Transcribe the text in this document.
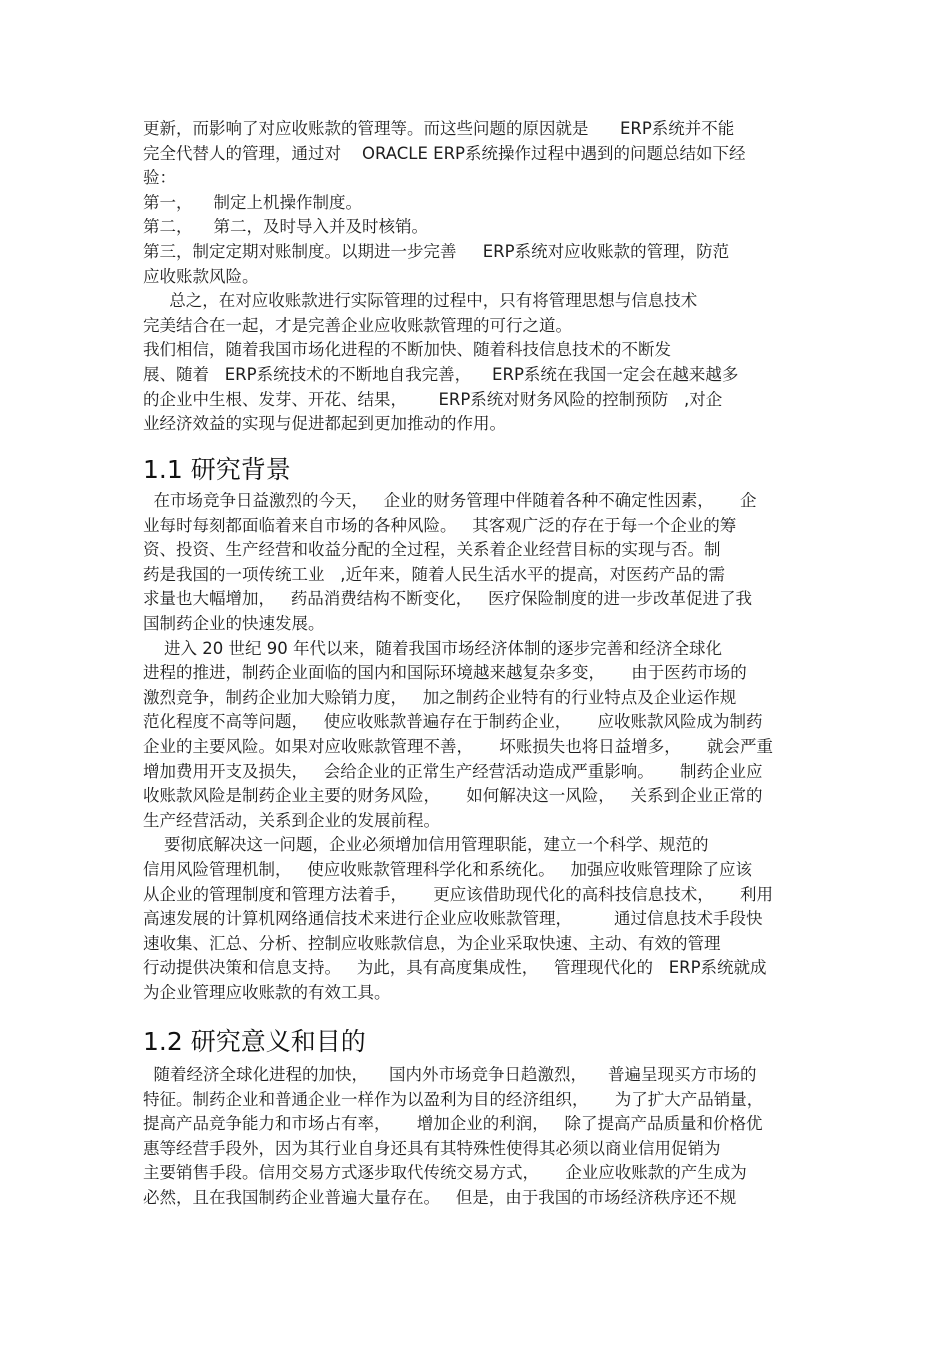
更新，而影响了对应收账款的管理等。而这些问题的原因就是      ERP系统并不能
完全代替人的管理，通过对    ORACLE ERP系统操作过程中遇到的问题总结如下经
验：
第一，    制定上机操作制度。
第二，    第二，及时导入并及时核销。
第三，制定定期对账制度。以期进一步完善     ERP系统对应收账款的管理，防范
应收账款风险。
总之，在对应收账款进行实际管理的过程中，只有将管理思想与信息技术
完美结合在一起，才是完善企业应收账款管理的可行之道。
我们相信，随着我国市场化进程的不断加快、随着科技信息技术的不断发
展、随着   ERP系统技术的不断地自我完善，    ERP系统在我国一定会在越来越多
的企业中生根、发芽、开花、结果，      ERP系统对财务风险的控制预防   ,对企
业经济效益的实现与促进都起到更加推动的作用。
1.1 研究背景
在市场竞争日益激烈的今天，   企业的财务管理中伴随着各种不确定性因素，     企
业每时每刻都面临着来自市场的各种风险。   其客观广泛的存在于每一个企业的筹
资、投资、生产经营和收益分配的全过程，关系着企业经营目标的实现与否。制
药是我国的一项传统工业   ,近年来，随着人民生活水平的提高，对医药产品的需
求量也大幅增加，   药品消费结构不断变化，   医疗保险制度的进一步改革促进了我
国制药企业的快速发展。
进入 20 世纪 90 年代以来，随着我国市场经济体制的逐步完善和经济全球化
进程的推进，制药企业面临的国内和国际环境越来越复杂多变，     由于医药市场的
激烈竞争，制药企业加大赊销力度，   加之制药企业特有的行业特点及企业运作规
范化程度不高等问题，   使应收账款普遍存在于制药企业，     应收账款风险成为制药
企业的主要风险。如果对应收账款管理不善，     坏账损失也将日益增多，     就会严重
增加费用开支及损失，   会给企业的正常生产经营活动造成严重影响。     制药企业应
收账款风险是制药企业主要的财务风险，     如何解决这一风险，   关系到企业正常的
生产经营活动，关系到企业的发展前程。
要彻底解决这一问题，企业必须增加信用管理职能，建立一个科学、规范的
信用风险管理机制，   使应收账款管理科学化和系统化。   加强应收账管理除了应该
从企业的管理制度和管理方法着手，     更应该借助现代化的高科技信息技术，     利用
高速发展的计算机网络通信技术来进行企业应收账款管理，        通过信息技术手段快
速收集、汇总、分析、控制应收账款信息，为企业采取快速、主动、有效的管理
行动提供决策和信息支持。   为此，具有高度集成性，   管理现代化的   ERP系统就成
为企业管理应收账款的有效工具。
1.2 研究意义和目的
随着经济全球化进程的加快，    国内外市场竞争日趋激烈，    普遍呈现买方市场的
特征。制药企业和普通企业一样作为以盈利为目的经济组织，     为了扩大产品销量，
提高产品竞争能力和市场占有率，     增加企业的利润，   除了提高产品质量和价格优
惠等经营手段外，因为其行业自身还具有其特殊性使得其必须以商业信用促销为
主要销售手段。信用交易方式逐步取代传统交易方式，     企业应收账款的产生成为
必然，且在我国制药企业普遍大量存在。   但是，由于我国的市场经济秩序还不规
